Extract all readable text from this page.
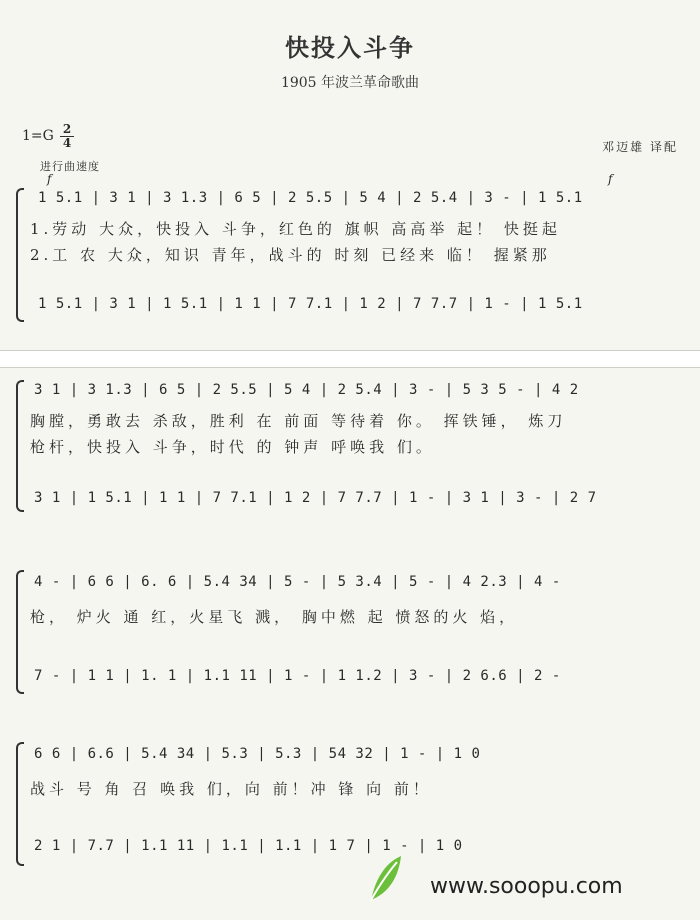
快投入斗争
1905 年波兰革命歌曲
1=G 2
4	邓迈雄 译配
进行曲速度
f	f
1 5.1 | 3 1 | 3 1.3 | 6 5 | 2 5.5 | 5 4 | 2 5.4 | 3 - | 1 5.1
1.劳动 大众，快投入 斗争，红色的 旗帜 高高举 起！ 快挺起
2.工 农 大众，知识 青年，战斗的 时刻 已经来 临！ 握紧那
1 5.1 | 3 1 | 1 5.1 | 1 1 | 7 7.1 | 1 2 | 7 7.7 | 1 - | 1 5.1
3 1 | 3 1.3 | 6 5 | 2 5.5 | 5 4 | 2 5.4 | 3 - | 5 3 5 - | 4 2
胸膛，勇敢去 杀敌，胜利 在 前面 等待着 你。 挥铁锤， 炼刀
枪杆，快投入 斗争，时代 的 钟声 呼唤我 们。
3 1 | 1 5.1 | 1 1 | 7 7.1 | 1 2 | 7 7.7 | 1 - | 3 1 | 3 - | 2 7
4 - | 6 6 | 6. 6 | 5.4 34 | 5 - | 5 3.4 | 5 - | 4 2.3 | 4 -
枪， 炉火 通 红，火星飞 溅， 胸中燃 起 愤怒的火 焰，
7 - | 1 1 | 1. 1 | 1.1 11 | 1 - | 1 1.2 | 3 - | 2 6.6 | 2 -
6 6 | 6.6 | 5.4 34 | 5.3 | 5.3 | 54 32 | 1 - | 1 0
战斗 号 角 召 唤我 们，向 前！冲 锋 向 前！
2 1 | 7.7 | 1.1 11 | 1.1 | 1.1 | 1 7 | 1 - | 1 0
www.sooopu.com
